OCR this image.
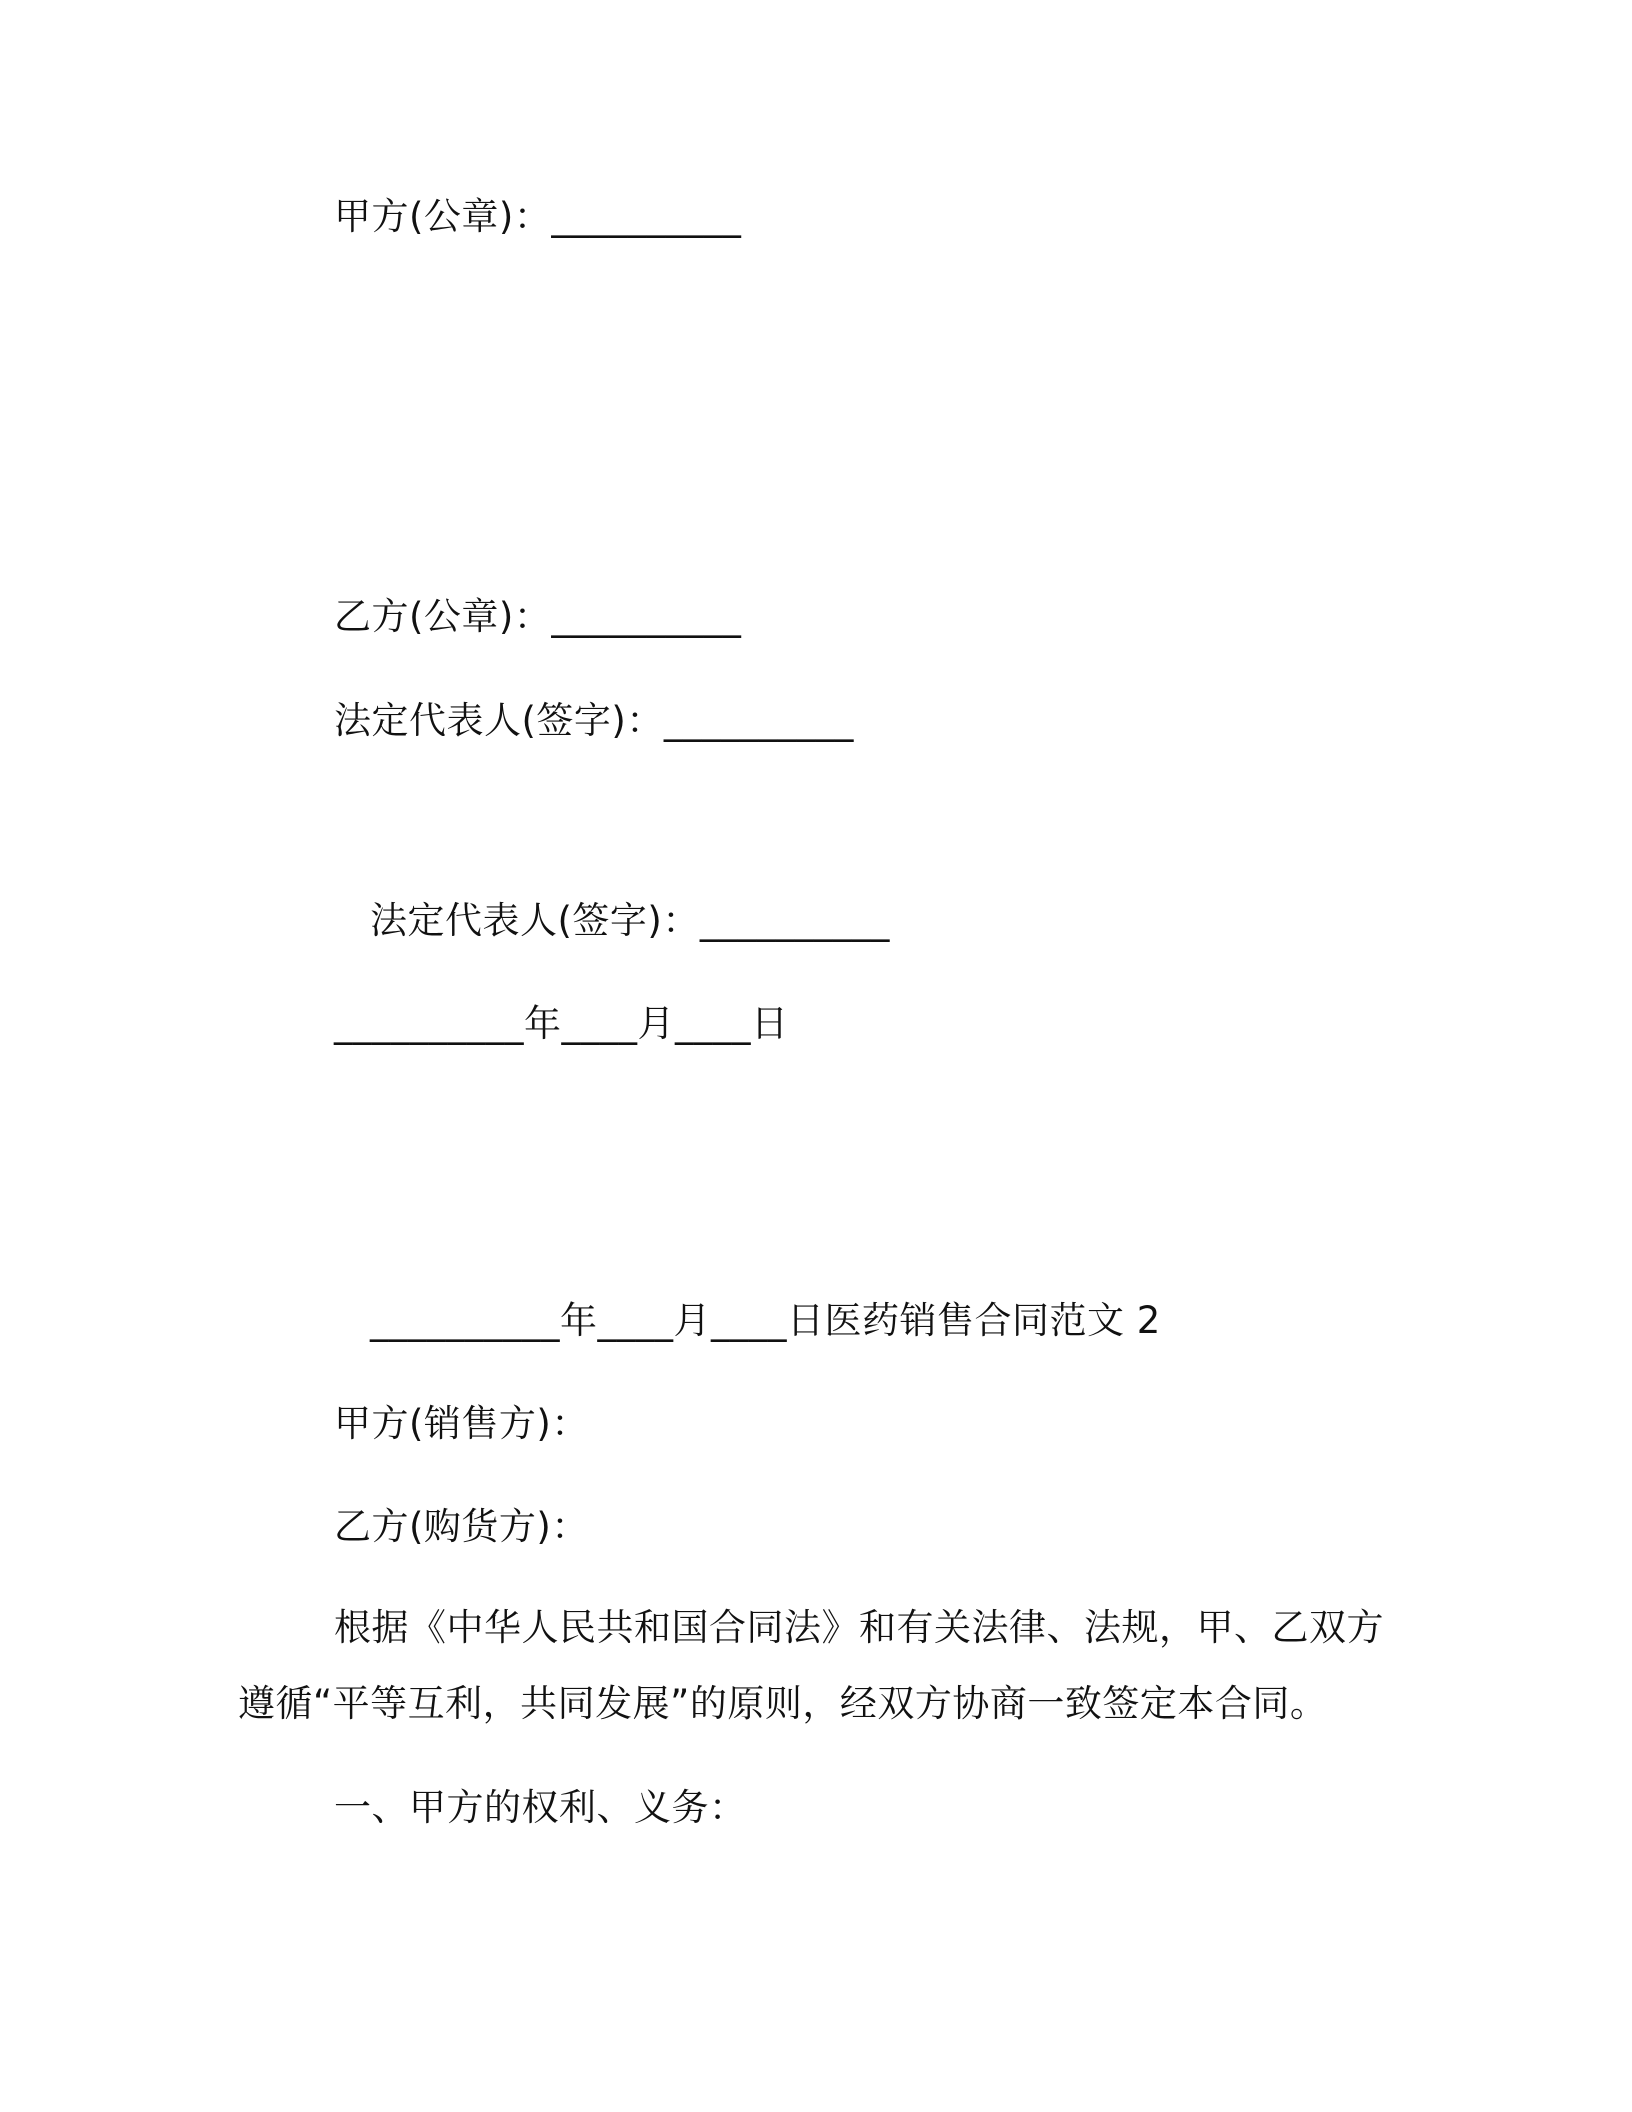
甲方(公章)：__________
乙方(公章)：__________
法定代表人(签字)：__________
法定代表人(签字)：__________
__________年____月____日
__________年____月____日医药销售合同范文 2
甲方(销售方)：
乙方(购货方)：
根据《中华人民共和国合同法》和有关法律、法规，甲、乙双方
遵循“平等互利，共同发展”的原则，经双方协商一致签定本合同。
一、甲方的权利、义务：
